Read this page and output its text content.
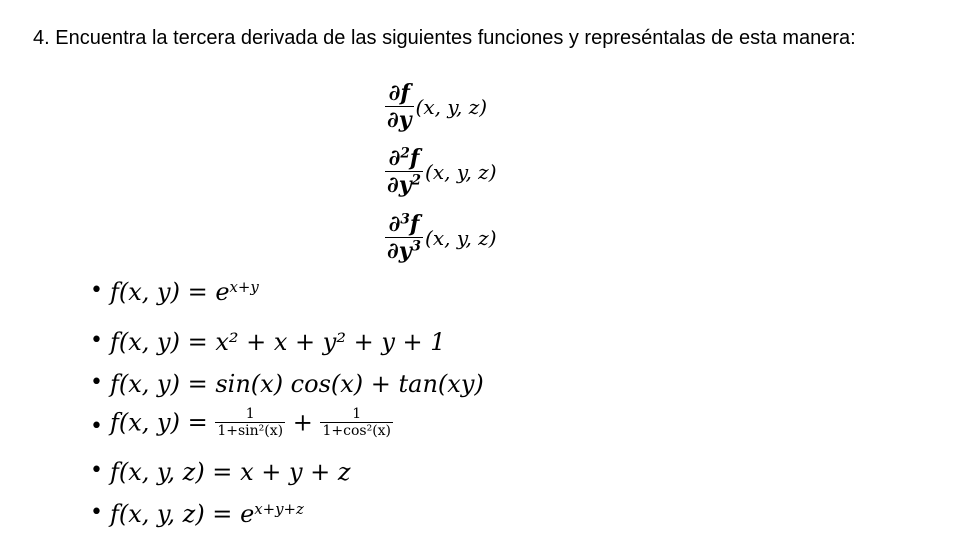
4. Encuentra la tercera derivada de las siguientes funciones y represéntalas de esta manera:
$\frac{\partial f}{\partial y} (x$, y, z)
$\frac{\partial^2f}{\partial y^2} (x$, y, z)
$\frac{\partial^3f}{\partial y^3} (x$, y, z)
• f(x, $y) = e^{x+y}$
• f(x, y) = x² + x + y² + y + 1
• f(x, y) = sin(x) cos(x) + tan(xy)
• f(x, $y) = \frac{1}{\text{1+sin²(x)}} + \frac{1}{\text{1+cos²(x)}}$
• f(x, y, z) = x + y + z
• f(x, y, $z) = e^{x+y+z}$
